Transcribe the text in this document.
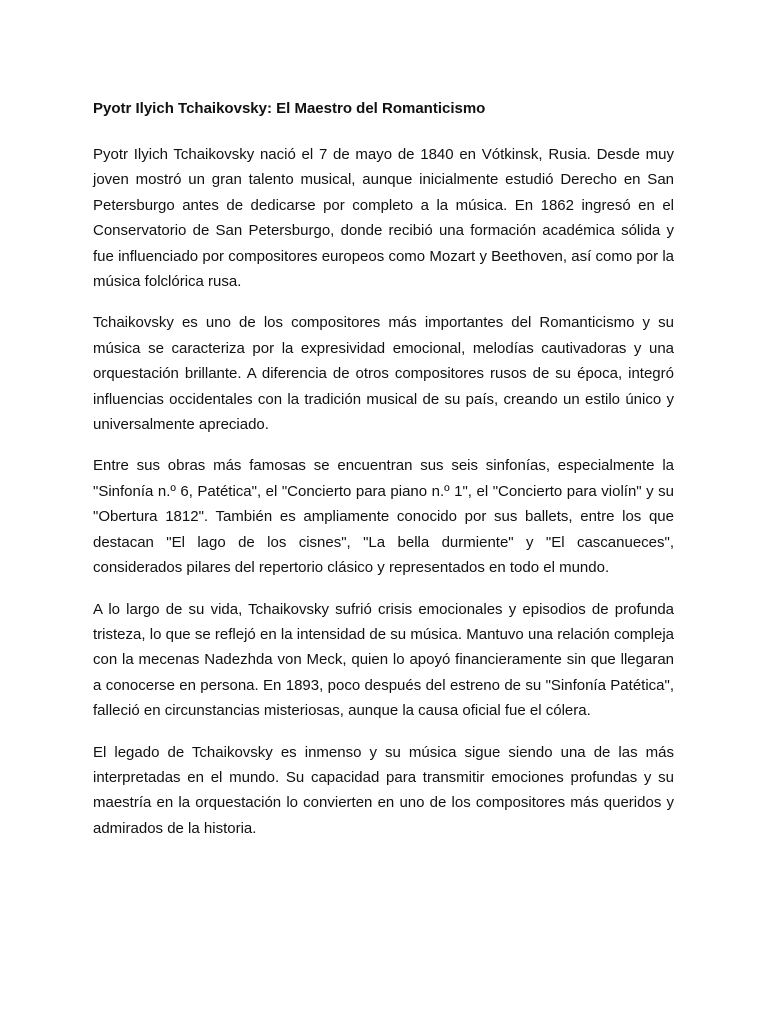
Pyotr Ilyich Tchaikovsky: El Maestro del Romanticismo

Pyotr Ilyich Tchaikovsky nació el 7 de mayo de 1840 en Vótkinsk, Rusia. Desde muy joven mostró un gran talento musical, aunque inicialmente estudió Derecho en San Petersburgo antes de dedicarse por completo a la música. En 1862 ingresó en el Conservatorio de San Petersburgo, donde recibió una formación académica sólida y fue influenciado por compositores europeos como Mozart y Beethoven, así como por la música folclórica rusa.

Tchaikovsky es uno de los compositores más importantes del Romanticismo y su música se caracteriza por la expresividad emocional, melodías cautivadoras y una orquestación brillante. A diferencia de otros compositores rusos de su época, integró influencias occidentales con la tradición musical de su país, creando un estilo único y universalmente apreciado.

Entre sus obras más famosas se encuentran sus seis sinfonías, especialmente la "Sinfonía n.º 6, Patética", el "Concierto para piano n.º 1", el "Concierto para violín" y su "Obertura 1812". También es ampliamente conocido por sus ballets, entre los que destacan "El lago de los cisnes", "La bella durmiente" y "El cascanueces", considerados pilares del repertorio clásico y representados en todo el mundo.

A lo largo de su vida, Tchaikovsky sufrió crisis emocionales y episodios de profunda tristeza, lo que se reflejó en la intensidad de su música. Mantuvo una relación compleja con la mecenas Nadezhda von Meck, quien lo apoyó financieramente sin que llegaran a conocerse en persona. En 1893, poco después del estreno de su "Sinfonía Patética", falleció en circunstancias misteriosas, aunque la causa oficial fue el cólera.

El legado de Tchaikovsky es inmenso y su música sigue siendo una de las más interpretadas en el mundo. Su capacidad para transmitir emociones profundas y su maestría en la orquestación lo convierten en uno de los compositores más queridos y admirados de la historia.
